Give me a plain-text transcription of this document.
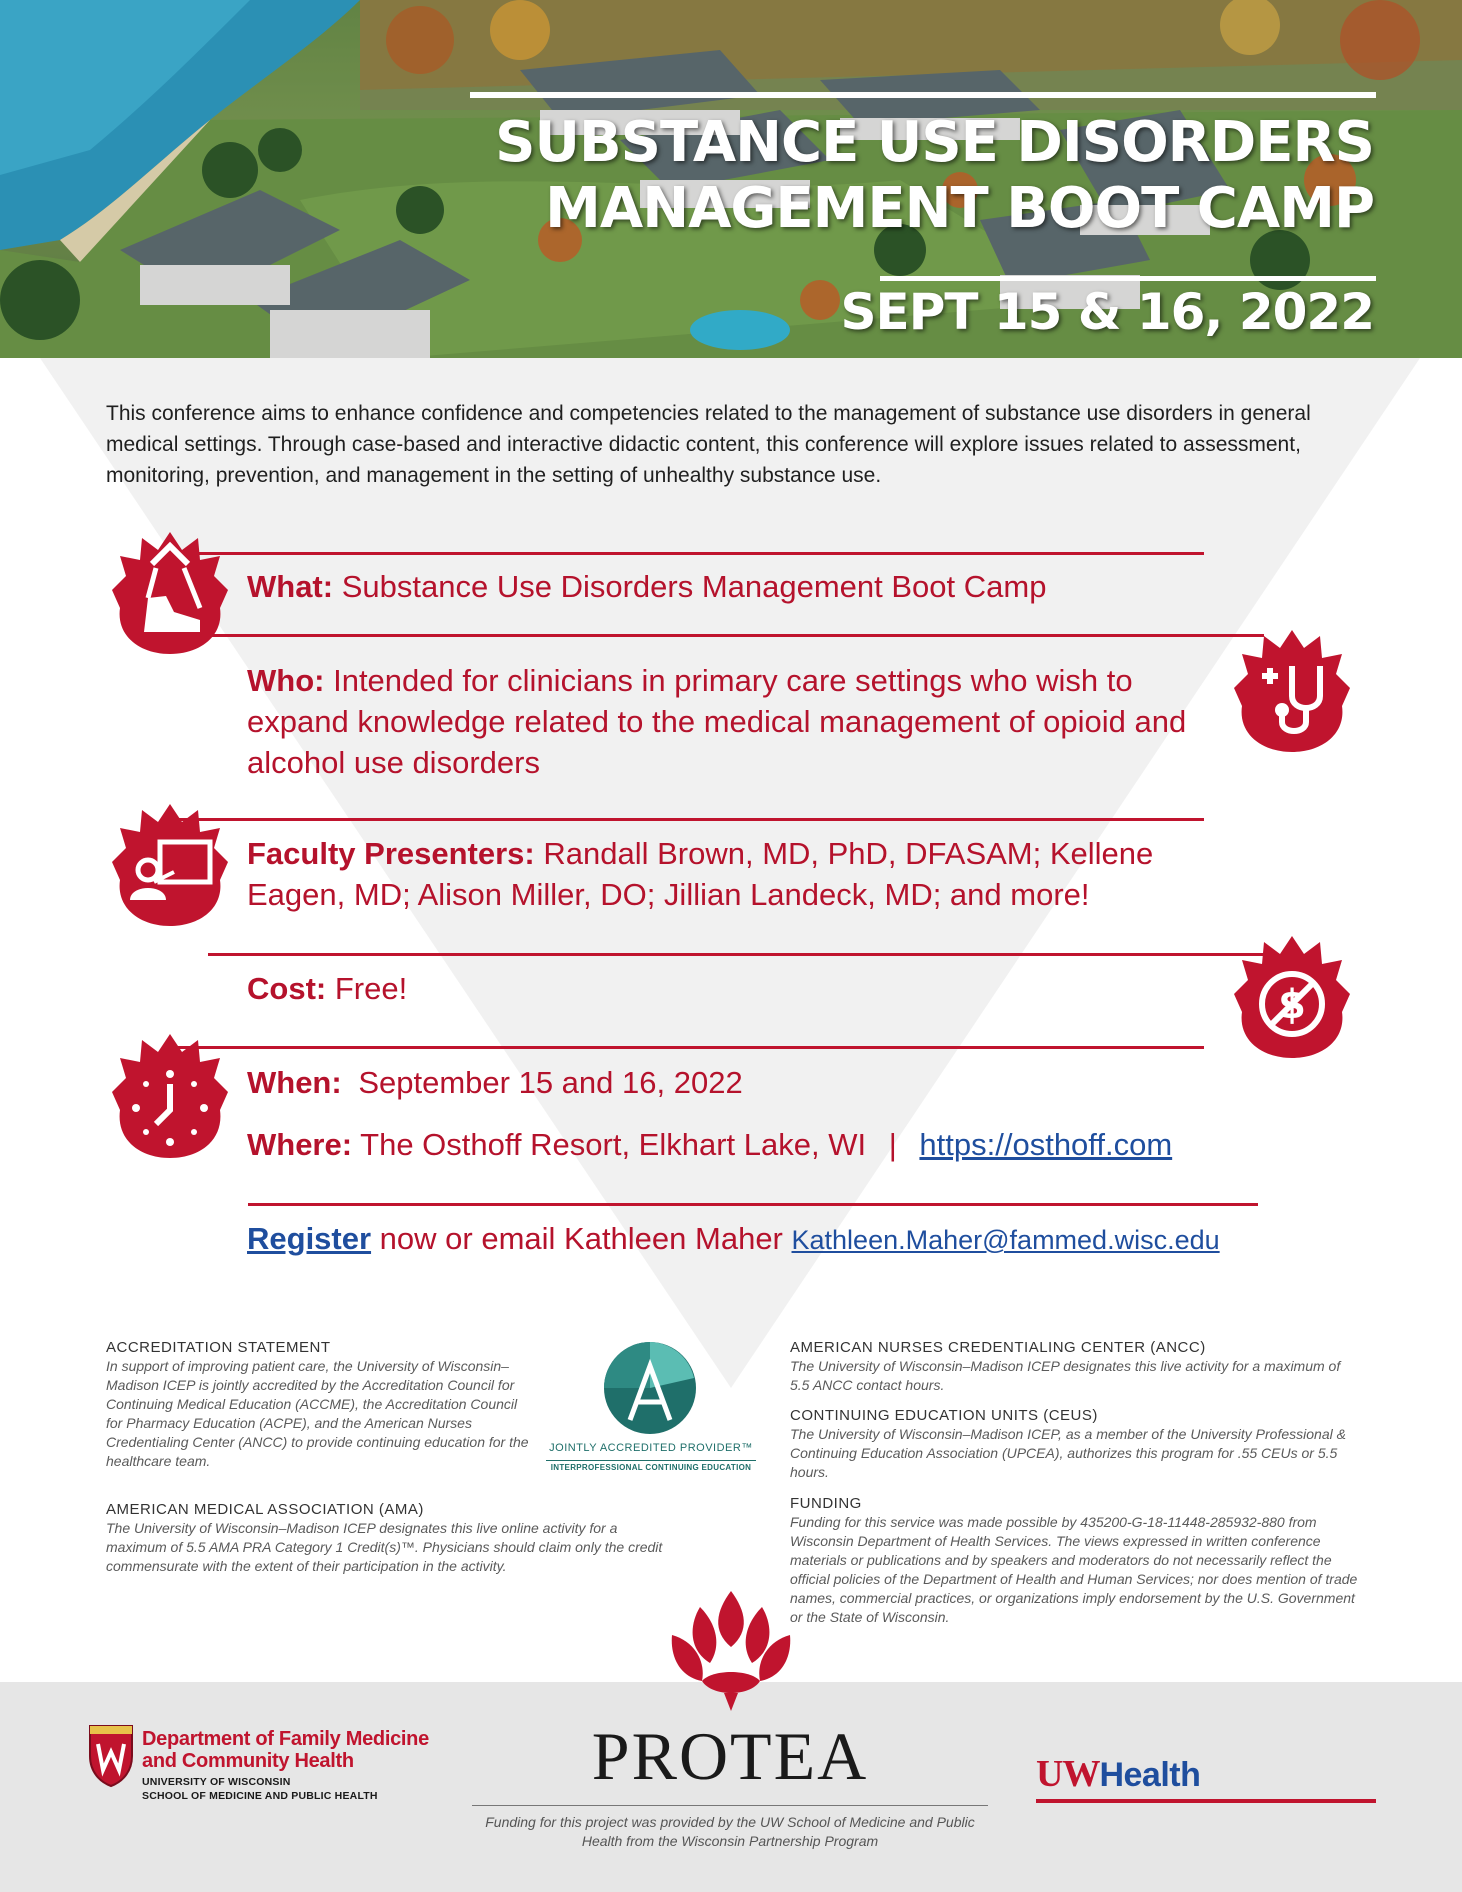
SUBSTANCE USE DISORDERS
MANAGEMENT BOOT CAMP
SEPT 15 & 16, 2022

This conference aims to enhance confidence and competencies related to the management of substance use disorders in general medical settings. Through case-based and interactive didactic content, this conference will explore issues related to assessment, monitoring, prevention, and management in the setting of unhealthy substance use.

$
What: Substance Use Disorders Management Boot Camp
Who: Intended for clinicians in primary care settings who wish to expand knowledge related to the medical management of opioid and alcohol use disorders
Faculty Presenters: Randall Brown, MD, PhD, DFASAM; Kellene Eagen, MD; Alison Miller, DO; Jillian Landeck, MD; and more!
Cost: Free!
When: September 15 and 16, 2022
Where: The Osthoff Resort, Elkhart Lake, WI | https://osthoff.com
Register now or email Kathleen Maher Kathleen.Maher@fammed.wisc.edu
ACCREDITATION STATEMENT
In support of improving patient care, the University of Wisconsin–Madison ICEP is jointly accredited by the Accreditation Council for Continuing Medical Education (ACCME), the Accreditation Council for Pharmacy Education (ACPE), and the American Nurses Credentialing Center (ANCC) to provide continuing education for the healthcare team.
AMERICAN MEDICAL ASSOCIATION (AMA)
The University of Wisconsin–Madison ICEP designates this live online activity for a maximum of 5.5 AMA PRA Category 1 Credit(s)™. Physicians should claim only the credit commensurate with the extent of their participation in the activity.
JOINTLY ACCREDITED PROVIDER™
INTERPROFESSIONAL CONTINUING EDUCATION
AMERICAN NURSES CREDENTIALING CENTER (ANCC)
The University of Wisconsin–Madison ICEP designates this live activity for a maximum of 5.5 ANCC contact hours.
CONTINUING EDUCATION UNITS (CEUS)
The University of Wisconsin–Madison ICEP, as a member of the University Professional & Continuing Education Association (UPCEA), authorizes this program for .55 CEUs or 5.5 hours.
FUNDING
Funding for this service was made possible by 435200-G-18-11448-285932-880 from Wisconsin Department of Health Services. The views expressed in written conference materials or publications and by speakers and moderators do not necessarily reflect the official policies of the Department of Health and Human Services; nor does mention of trade names, commercial practices, or organizations imply endorsement by the U.S. Government or the State of Wisconsin.
PROTEA
Funding for this project was provided by the UW School of Medicine and Public Health from the Wisconsin Partnership Program
Department of Family Medicine
and Community Health
UNIVERSITY OF WISCONSIN
SCHOOL OF MEDICINE AND PUBLIC HEALTH
UWHealth
